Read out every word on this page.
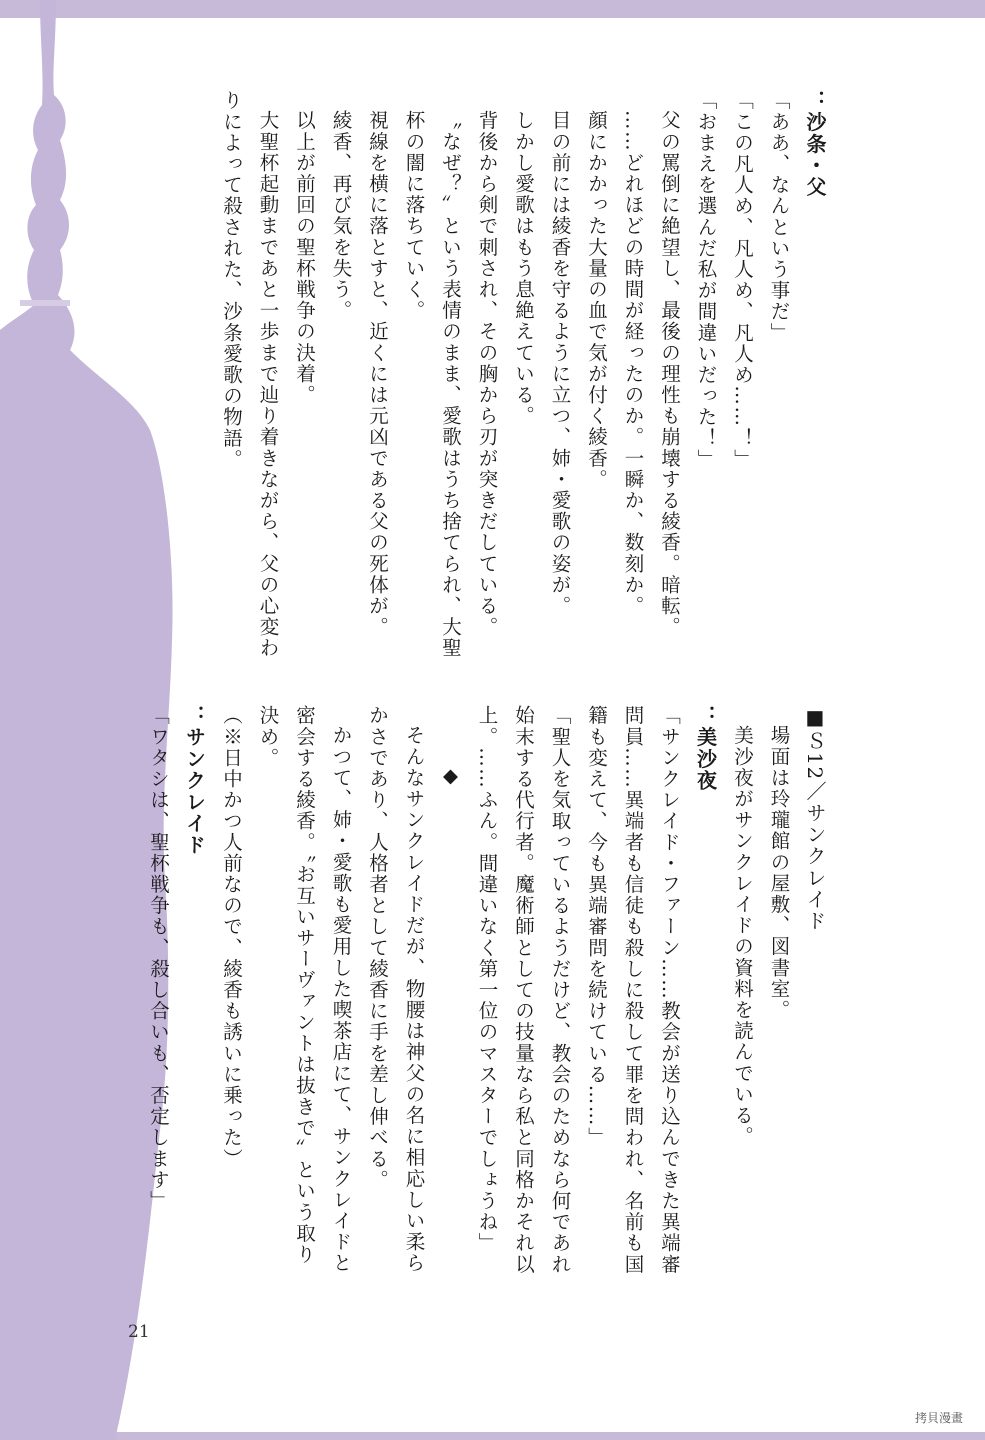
：沙条・父
「ああ、なんという事だ」
「この凡人め、凡人め、凡人め……！」
「おまえを選んだ私が間違いだった！」
父の罵倒に絶望し、最後の理性も崩壊する綾香。暗転。
……どれほどの時間が経ったのか。一瞬か、数刻か。
顔にかかった大量の血で気が付く綾香。
目の前には綾香を守るように立つ、姉・愛歌の姿が。
しかし愛歌はもう息絶えている。
背後から剣で刺され、その胸から刃が突きだしている。
〝なぜ？〟という表情のまま、愛歌はうち捨てられ、大聖
杯の闇に落ちていく。
視線を横に落とすと、近くには元凶である父の死体が。
綾香、再び気を失う。
以上が前回の聖杯戦争の決着。
大聖杯起動まであと一歩まで辿り着きながら、父の心変わ
りによって殺された、沙条愛歌の物語。
■Ｓ12／サンクレイド
場面は玲瓏館の屋敷、図書室。
美沙夜がサンクレイドの資料を読んでいる。
：美沙夜
「サンクレイド・ファーン……教会が送り込んできた異端審
問員……異端者も信徒も殺しに殺して罪を問われ、名前も国
籍も変えて、今も異端審問を続けている……」
「聖人を気取っているようだけど、教会のためなら何であれ
始末する代行者。魔術師としての技量なら私と同格かそれ以
上。……ふん。間違いなく第一位のマスターでしょうね」
◆
そんなサンクレイドだが、物腰は神父の名に相応しい柔ら
かさであり、人格者として綾香に手を差し伸べる。
かつて、姉・愛歌も愛用した喫茶店にて、サンクレイドと
密会する綾香。〝お互いサーヴァントは抜きで〟という取り
決め。
（※日中かつ人前なので、綾香も誘いに乗った）
：サンクレイド
「ワタシは、聖杯戦争も、殺し合いも、否定します」
21
拷貝漫畫
